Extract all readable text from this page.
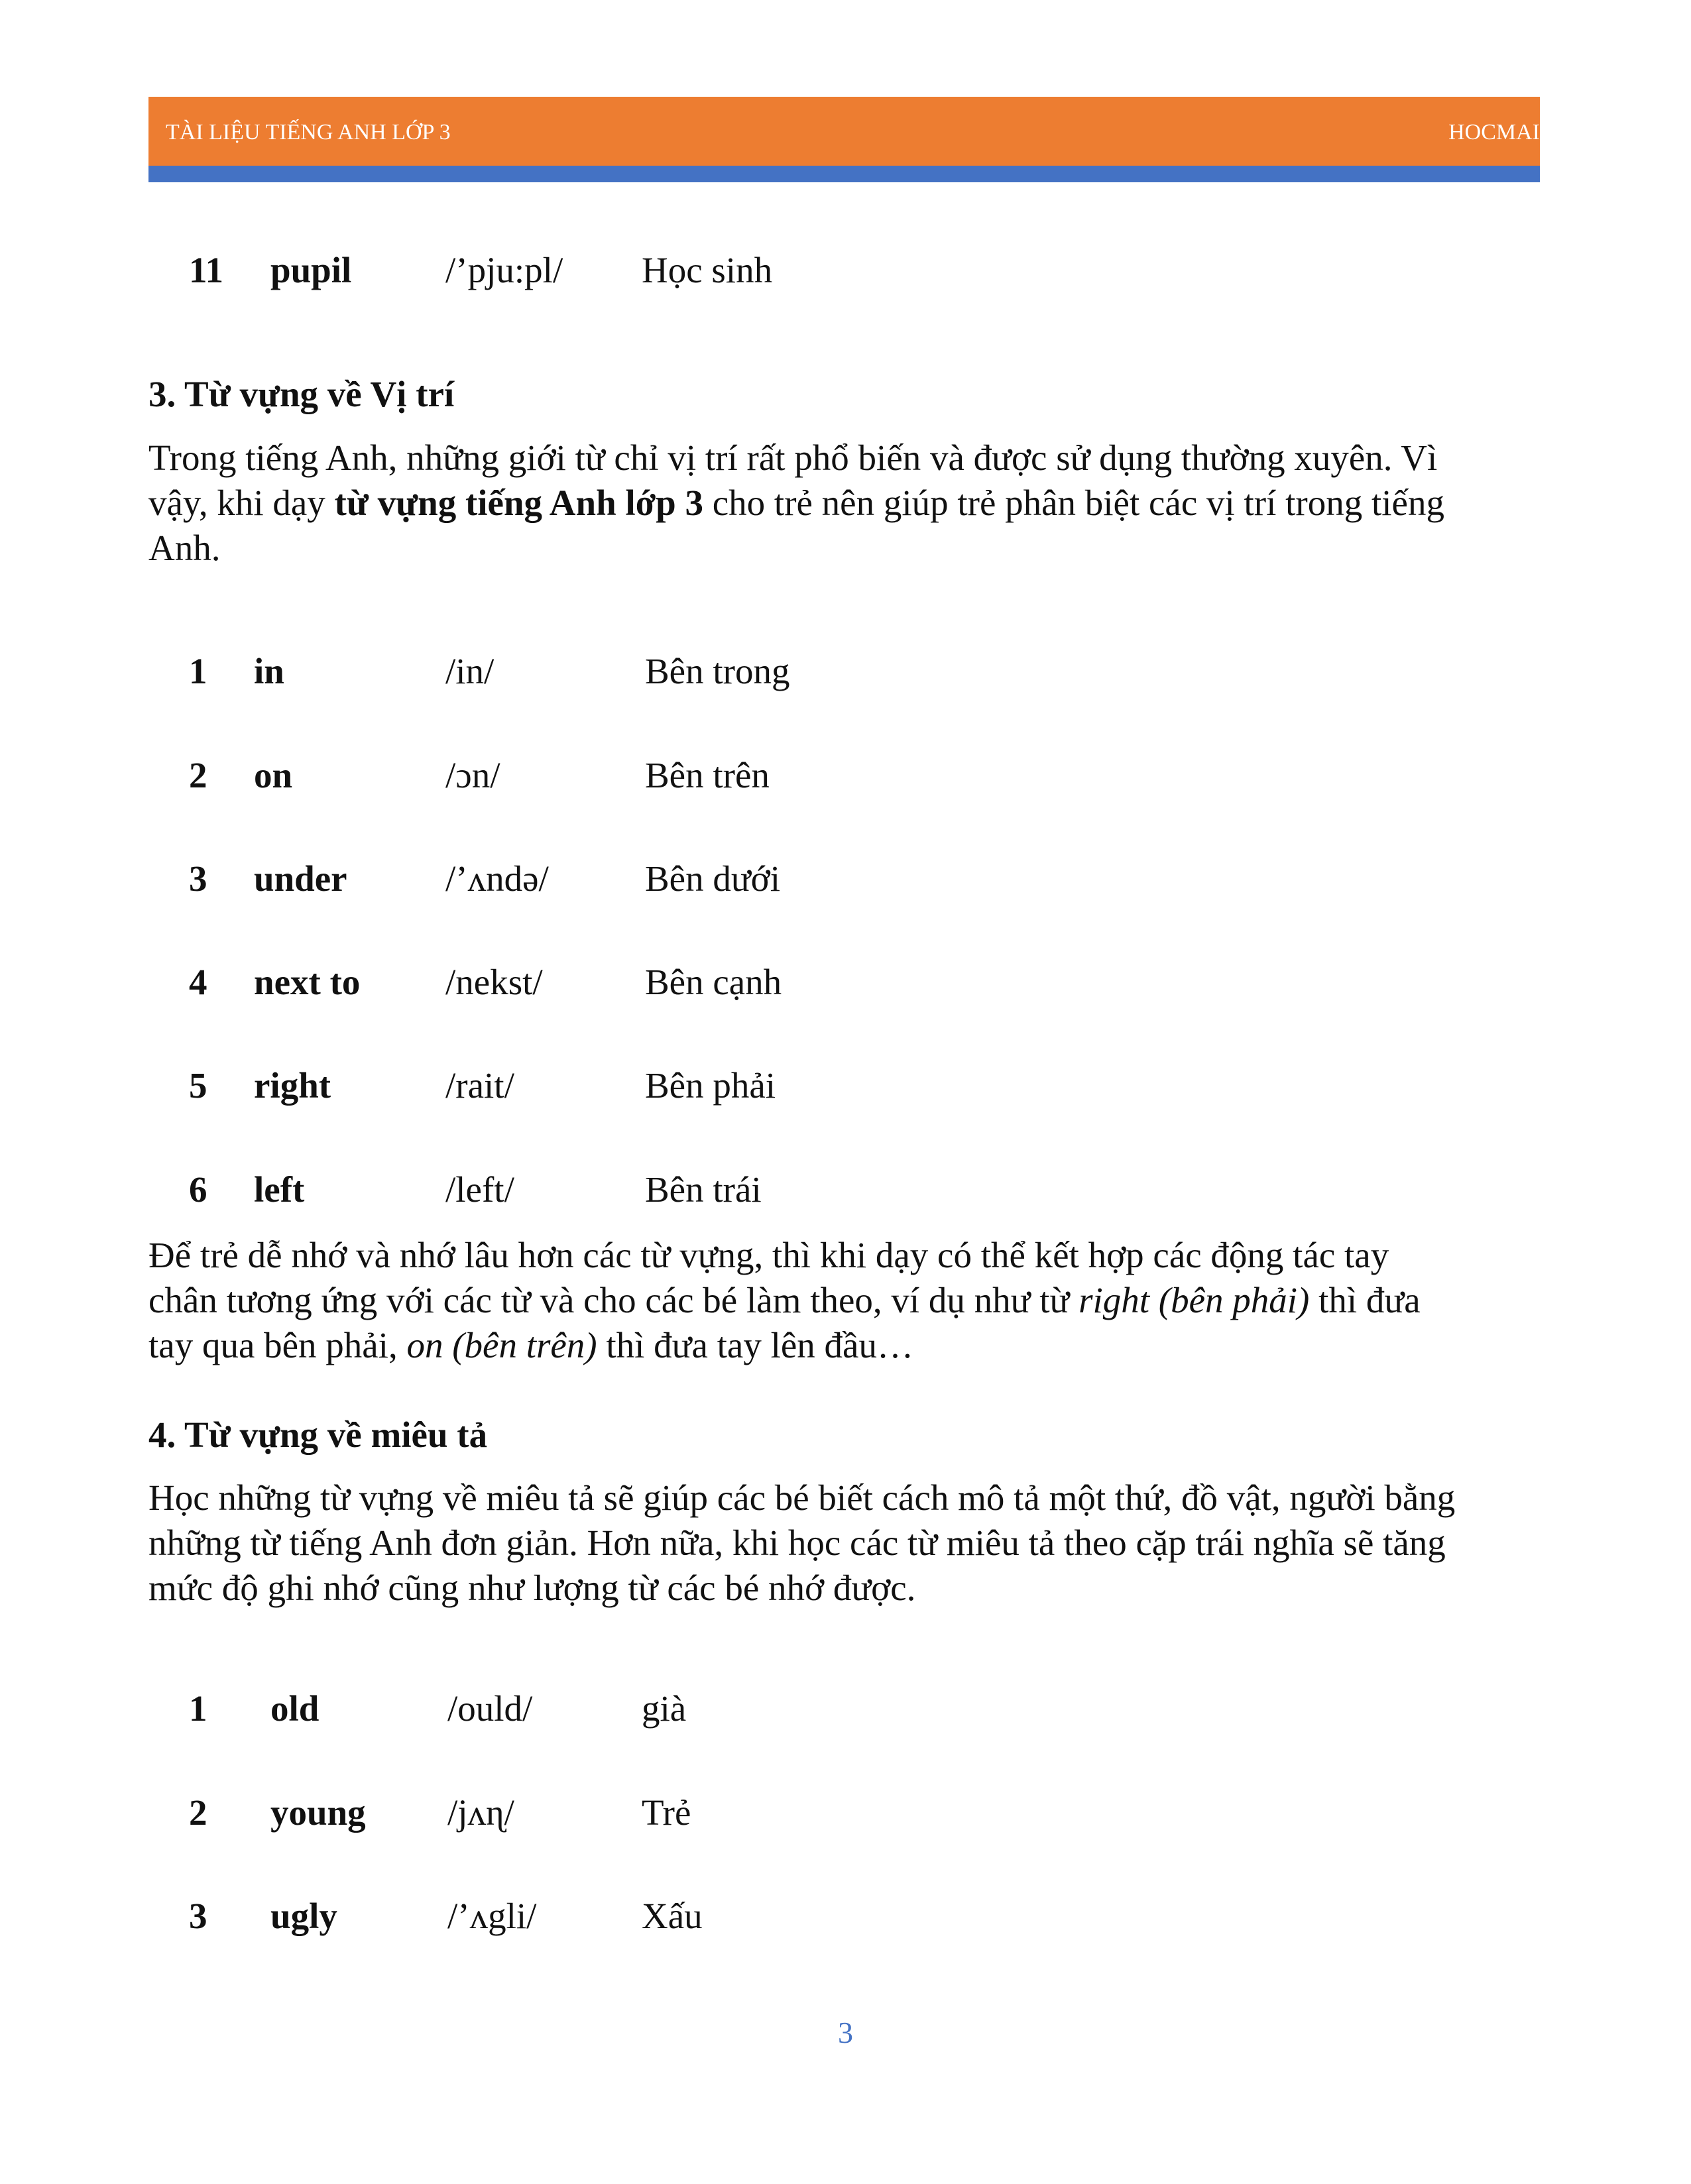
TÀI LIỆU TIẾNG ANH LỚP 3	HOCMAI
11 pupil	/’pju:pl/ Học sinh
3. Từ vựng về Vị trí
Trong tiếng Anh, những giới từ chỉ vị trí rất phổ biến và được sử dụng thường xuyên. Vì
vậy, khi dạy từ vựng tiếng Anh lớp 3 cho trẻ nên giúp trẻ phân biệt các vị trí trong tiếng
Anh.
1 in	/in/	Bên trong
2 on	/ɔn/	Bên trên
3 under	/’ʌndə/	Bên dưới
4 next to /nekst/	Bên cạnh
5 right	/rait/	Bên phải
6 left	/left/	Bên trái
Để trẻ dễ nhớ và nhớ lâu hơn các từ vựng, thì khi dạy có thể kết hợp các động tác tay
chân tương ứng với các từ và cho các bé làm theo, ví dụ như từ right (bên phải) thì đưa
tay qua bên phải, on (bên trên) thì đưa tay lên đầu…
4. Từ vựng về miêu tả
Học những từ vựng về miêu tả sẽ giúp các bé biết cách mô tả một thứ, đồ vật, người bằng
những từ tiếng Anh đơn giản. Hơn nữa, khi học các từ miêu tả theo cặp trái nghĩa sẽ tăng
mức độ ghi nhớ cũng như lượng từ các bé nhớ được.
1 old	/ould/	già
2 young /jʌɳ/	Trẻ
3 ugly	/’ʌgli/	Xấu
3
